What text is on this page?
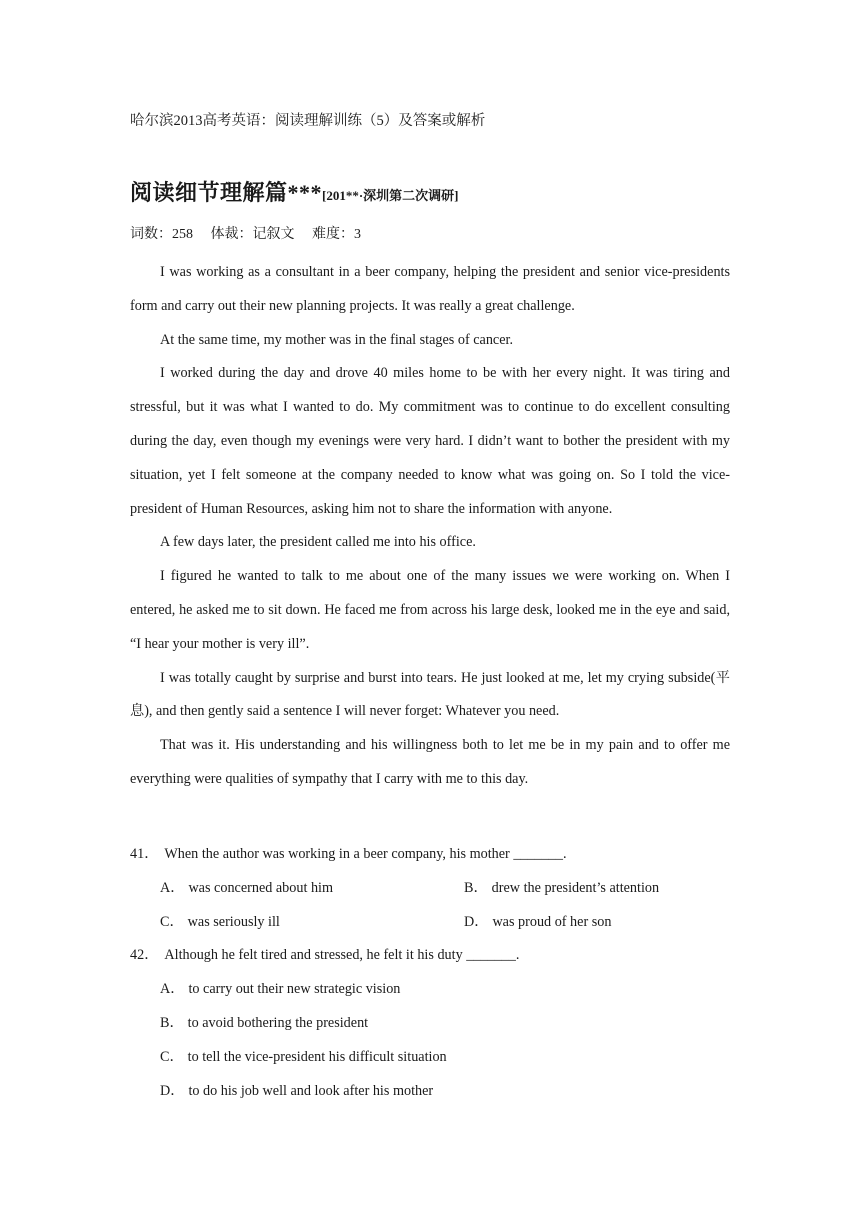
哈尔滨2013高考英语：阅读理解训练（5）及答案或解析
阅读细节理解篇***[201**·深圳第二次调研]
词数：258 体裁：记叙文 难度：3

I was working as a consultant in a beer company, helping the president and senior vice-presidents form and carry out their new planning projects. It was really a great challenge.

At the same time, my mother was in the final stages of cancer.

I worked during the day and drove 40 miles home to be with her every night. It was tiring and stressful, but it was what I wanted to do. My commitment was to continue to do excellent consulting during the day, even though my evenings were very hard. I didn’t want to bother the president with my situation, yet I felt someone at the company needed to know what was going on. So I told the vice-president of Human Resources, asking him not to share the information with anyone.

A few days later, the president called me into his office.

I figured he wanted to talk to me about one of the many issues we were working on. When I entered, he asked me to sit down. He faced me from across his large desk, looked me in the eye and said, “I hear your mother is very ill”.

I was totally caught by surprise and burst into tears. He just looked at me, let my crying subside(平息), and then gently said a sentence I will never forget: Whatever you need.

That was it. His understanding and his willingness both to let me be in my pain and to offer me everything were qualities of sympathy that I carry with me to this day.

41． When the author was working in a beer company, his mother _______.
A． was concerned about him	B． drew the president’s attention
C． was seriously ill	D． was proud of her son
42． Although he felt tired and stressed, he felt it his duty _______.
A． to carry out their new strategic vision
B． to avoid bothering the president
C． to tell the vice-president his difficult situation
D． to do his job well and look after his mother
